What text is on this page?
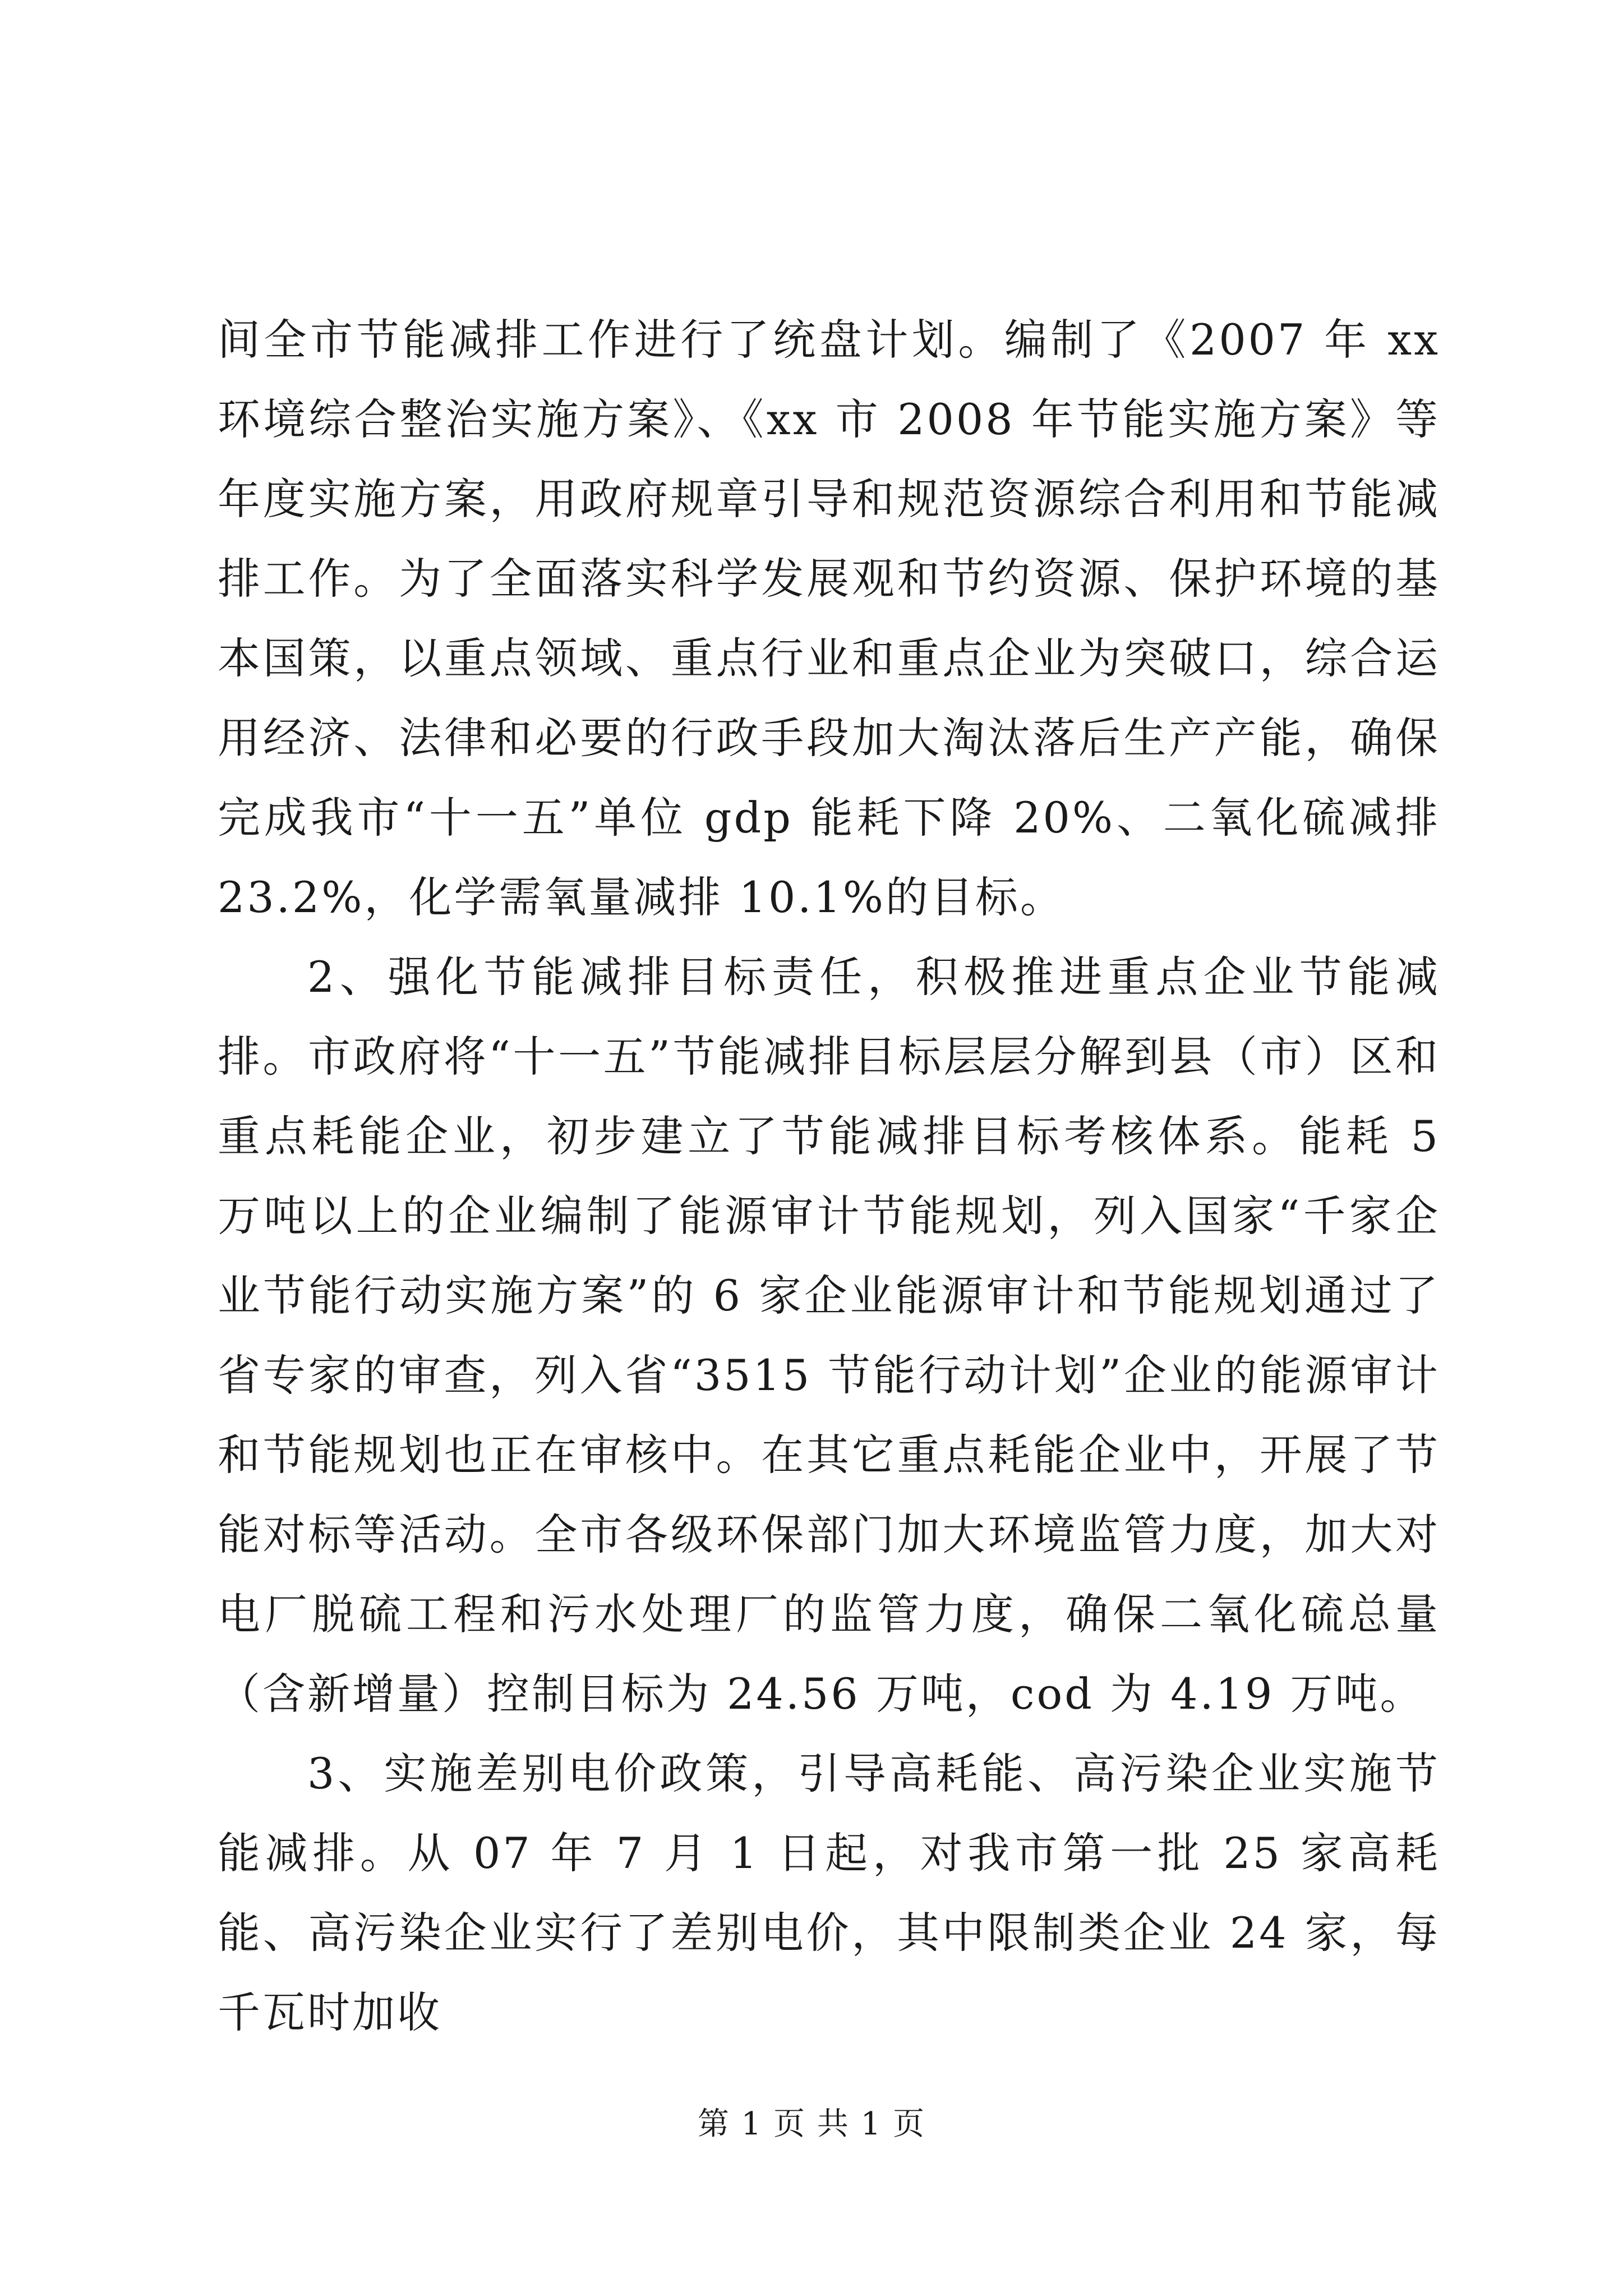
间全市节能减排工作进行了统盘计划。编制了《2007 年 xx 环境综合整治实施方案》、《xx 市 2008 年节能实施方案》等年度实施方案，用政府规章引导和规范资源综合利用和节能减排工作。为了全面落实科学发展观和节约资源、保护环境的基本国策，以重点领域、重点行业和重点企业为突破口，综合运用经济、法律和必要的行政手段加大淘汰落后生产产能，确保完成我市“十一五”单位 gdp 能耗下降 20%、二氧化硫减排 23.2%，化学需氧量减排 10.1%的目标。

2、强化节能减排目标责任，积极推进重点企业节能减排。市政府将“十一五”节能减排目标层层分解到县（市）区和重点耗能企业，初步建立了节能减排目标考核体系。能耗 5 万吨以上的企业编制了能源审计节能规划，列入国家“千家企业节能行动实施方案”的 6 家企业能源审计和节能规划通过了省专家的审查，列入省“3515 节能行动计划”企业的能源审计和节能规划也正在审核中。在其它重点耗能企业中，开展了节能对标等活动。全市各级环保部门加大环境监管力度，加大对电厂脱硫工程和污水处理厂的监管力度，确保二氧化硫总量（含新增量）控制目标为 24.56 万吨，cod 为 4.19 万吨。

3、实施差别电价政策，引导高耗能、高污染企业实施节能减排。从 07 年 7 月 1 日起，对我市第一批 25 家高耗能、高污染企业实行了差别电价，其中限制类企业 24 家，每千瓦时加收

第 1 页 共 1 页
